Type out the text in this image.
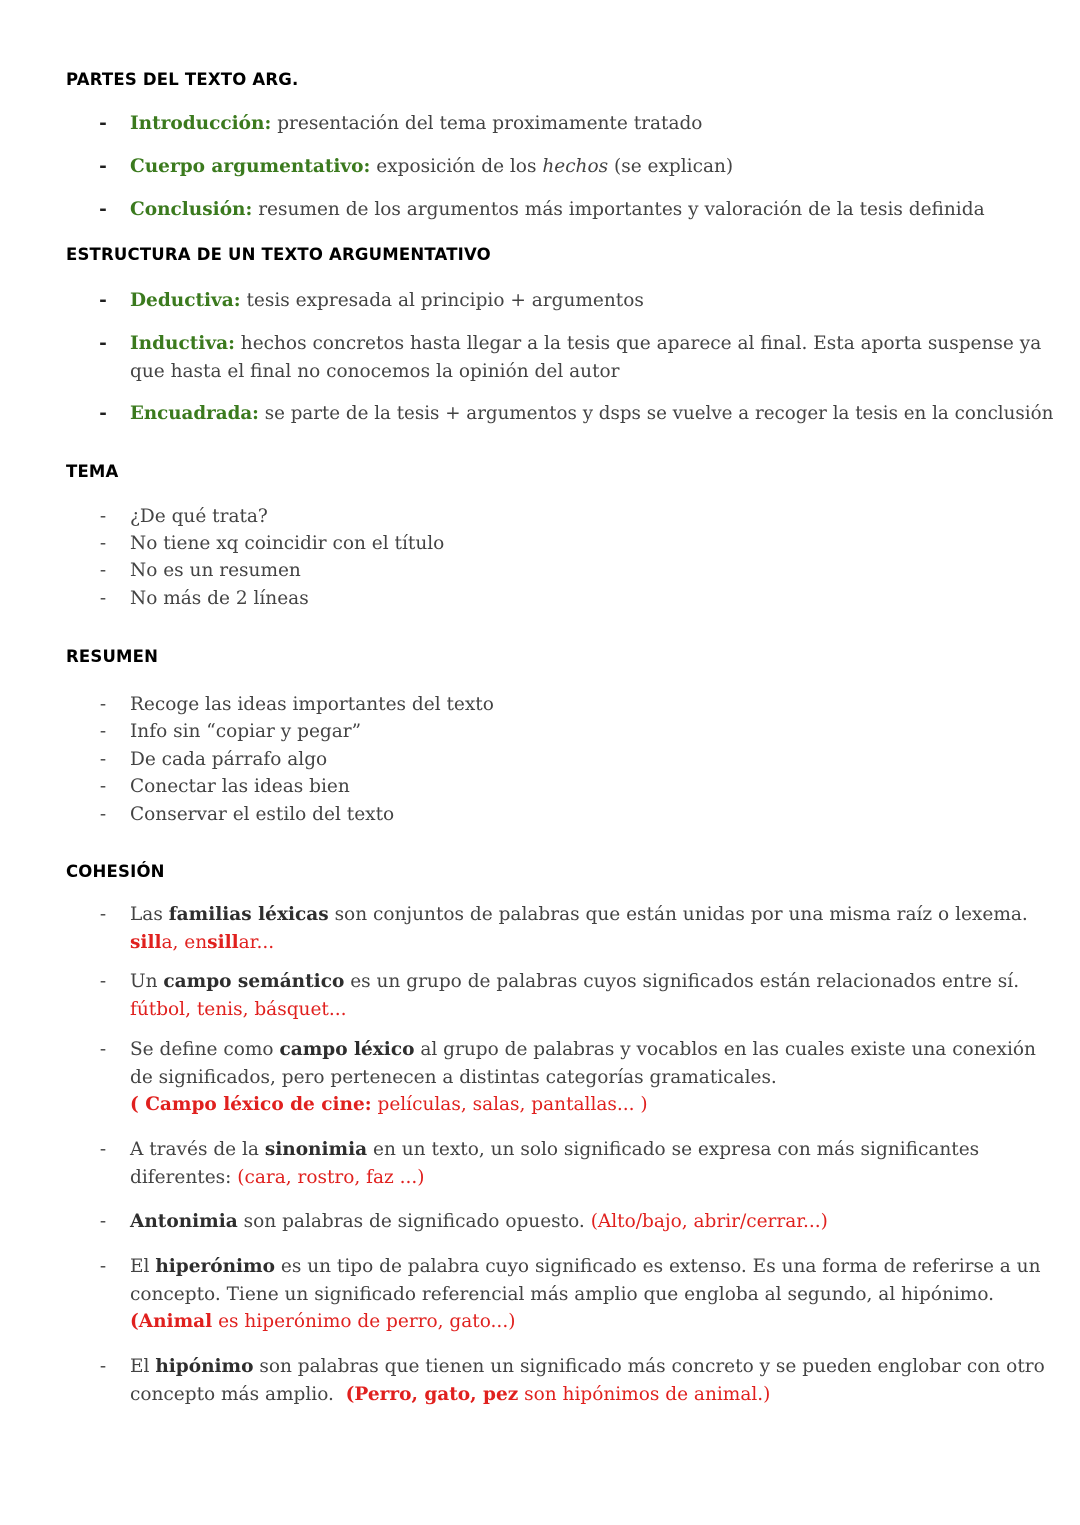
PARTES DEL TEXTO ARG.
- Introducción: presentación del tema proximamente tratado
- Cuerpo argumentativo: exposición de los hechos (se explican)
- Conclusión: resumen de los argumentos más importantes y valoración de la tesis definida
ESTRUCTURA DE UN TEXTO ARGUMENTATIVO
- Deductiva: tesis expresada al principio + argumentos
- Inductiva: hechos concretos hasta llegar a la tesis que aparece al final. Esta aporta suspense ya
que hasta el final no conocemos la opinión del autor
- Encuadrada: se parte de la tesis + argumentos y dsps se vuelve a recoger la tesis en la conclusión
TEMA
- ¿De qué trata?
- No tiene xq coincidir con el título
- No es un resumen
- No más de 2 líneas
RESUMEN
- Recoge las ideas importantes del texto
- Info sin “copiar y pegar”
- De cada párrafo algo
- Conectar las ideas bien
- Conservar el estilo del texto
COHESIÓN
- Las familias léxicas son conjuntos de palabras que están unidas por una misma raíz o lexema.
silla, ensillar...
- Un campo semántico es un grupo de palabras cuyos significados están relacionados entre sí.
fútbol, tenis, básquet...
- Se define como campo léxico al grupo de palabras y vocablos en las cuales existe una conexión
de significados, pero pertenecen a distintas categorías gramaticales.
( Campo léxico de cine: películas, salas, pantallas... )
- A través de la sinonimia en un texto, un solo significado se expresa con más significantes
diferentes: (cara, rostro, faz ...)
- Antonimia son palabras de significado opuesto. (Alto/bajo, abrir/cerrar...)
- El hiperónimo es un tipo de palabra cuyo significado es extenso. Es una forma de referirse a un
concepto. Tiene un significado referencial más amplio que engloba al segundo, al hipónimo.
(Animal es hiperónimo de perro, gato...)
- El hipónimo son palabras que tienen un significado más concreto y se pueden englobar con otro
concepto más amplio.  (Perro, gato, pez son hipónimos de animal.)
